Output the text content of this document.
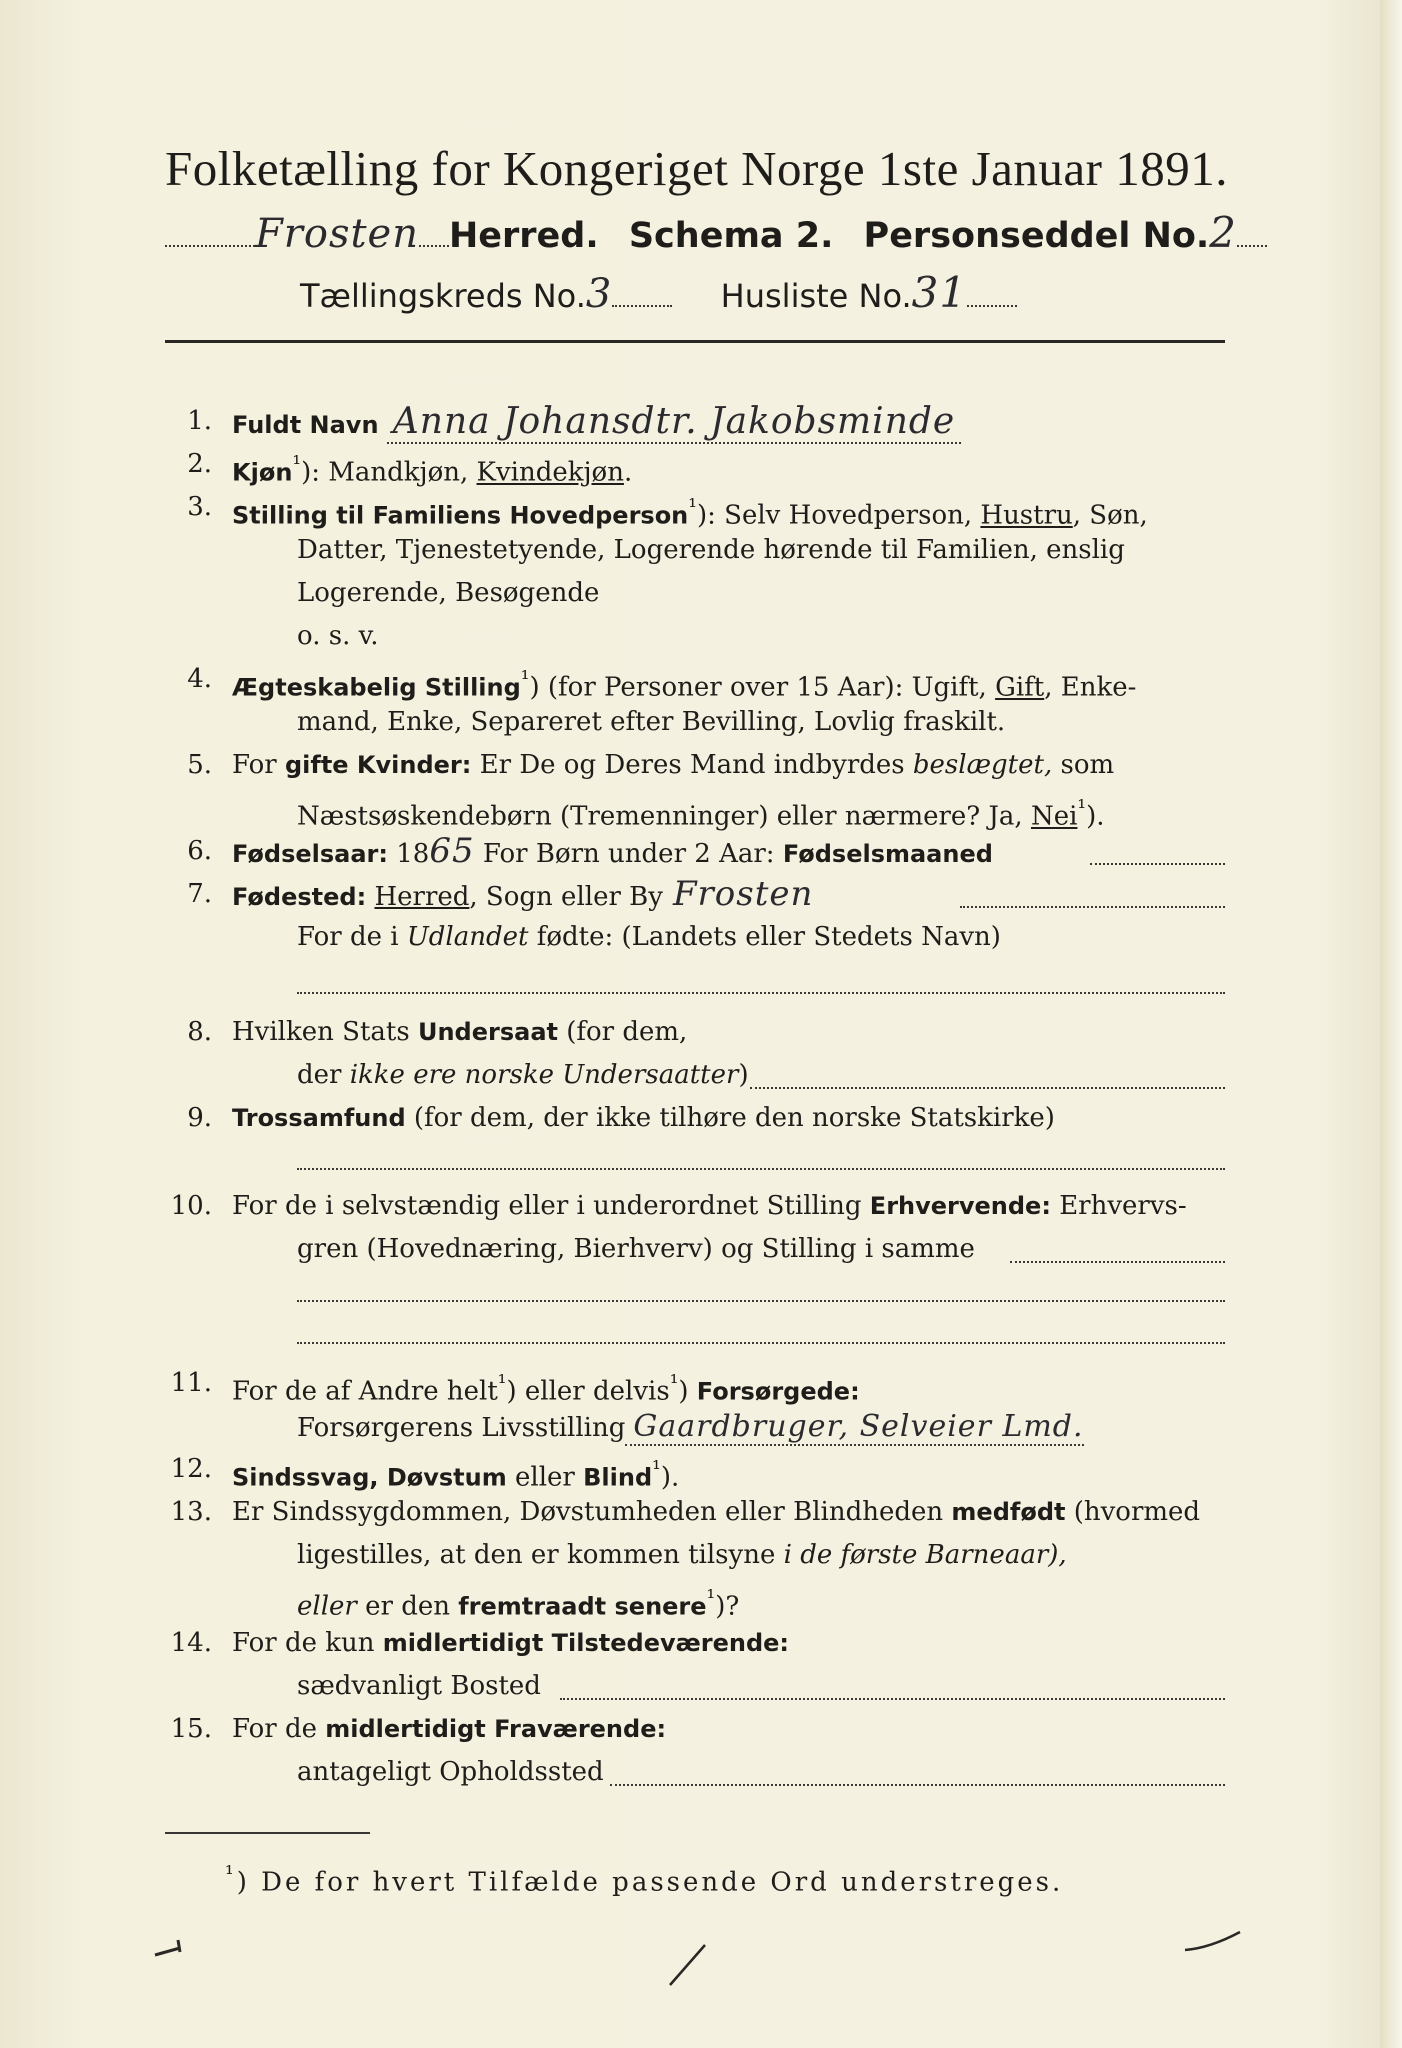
Folketælling for Kongeriget Norge 1ste Januar 1891.
Frosten Herred. Schema 2. Personseddel No.2
Tællingskreds No.3	Husliste No.31
1. Fuldt Navn Anna Johansdtr. Jakobsminde
2. Kjøn$^{^1}$): Mandkjøn, Kvindekjøn.
3. Stilling til Familiens Hovedperson$^{^1}$): Selv Hovedperson, Hustru, Søn,
Datter, Tjenestetyende, Logerende hørende til Familien, enslig
Logerende, Besøgende
o. s. v.
4. Ægteskabelig Stilling$^{^1}$) (for Personer over 15 Aar): Ugift, Gift, Enke-
mand, Enke, Separeret efter Bevilling, Lovlig fraskilt.
5. For gifte Kvinder: Er De og Deres Mand indbyrdes beslægtet, som
Næstsøskendebørn (Tremenninger) eller nærmere? Ja, Nei$^{^1}$).
6. Fødselsaar: 1865 For Børn under 2 Aar: Fødselsmaaned
7. Fødested: Herred, Sogn eller By Frosten
For de i Udlandet fødte: (Landets eller Stedets Navn)
8. Hvilken Stats Undersaat (for dem,
der ikke ere norske Undersaatter)
9. Trossamfund (for dem, der ikke tilhøre den norske Statskirke)
10. For de i selvstændig eller i underordnet Stilling Erhvervende: Erhvervs-
gren (Hovednæring, Bierhverv) og Stilling i samme
11. For de af Andre helt$^{^1}$) eller delvis$^{^1}$) Forsørgede:
Forsørgerens Livsstilling Gaardbruger, Selveier Lmd.
12. Sindssvag, Døvstum eller Blind$^{^1}$).
13. Er Sindssygdommen, Døvstumheden eller Blindheden medfødt (hvormed
ligestilles, at den er kommen tilsyne i de første Barneaar),
eller er den fremtraadt senere$^{^1}$)?
14. For de kun midlertidigt Tilstedeværende:
sædvanligt Bosted
15. For de midlertidigt Fraværende:
antageligt Opholdssted
$^{^1}$) De for hvert Tilfælde passende Ord understreges.
